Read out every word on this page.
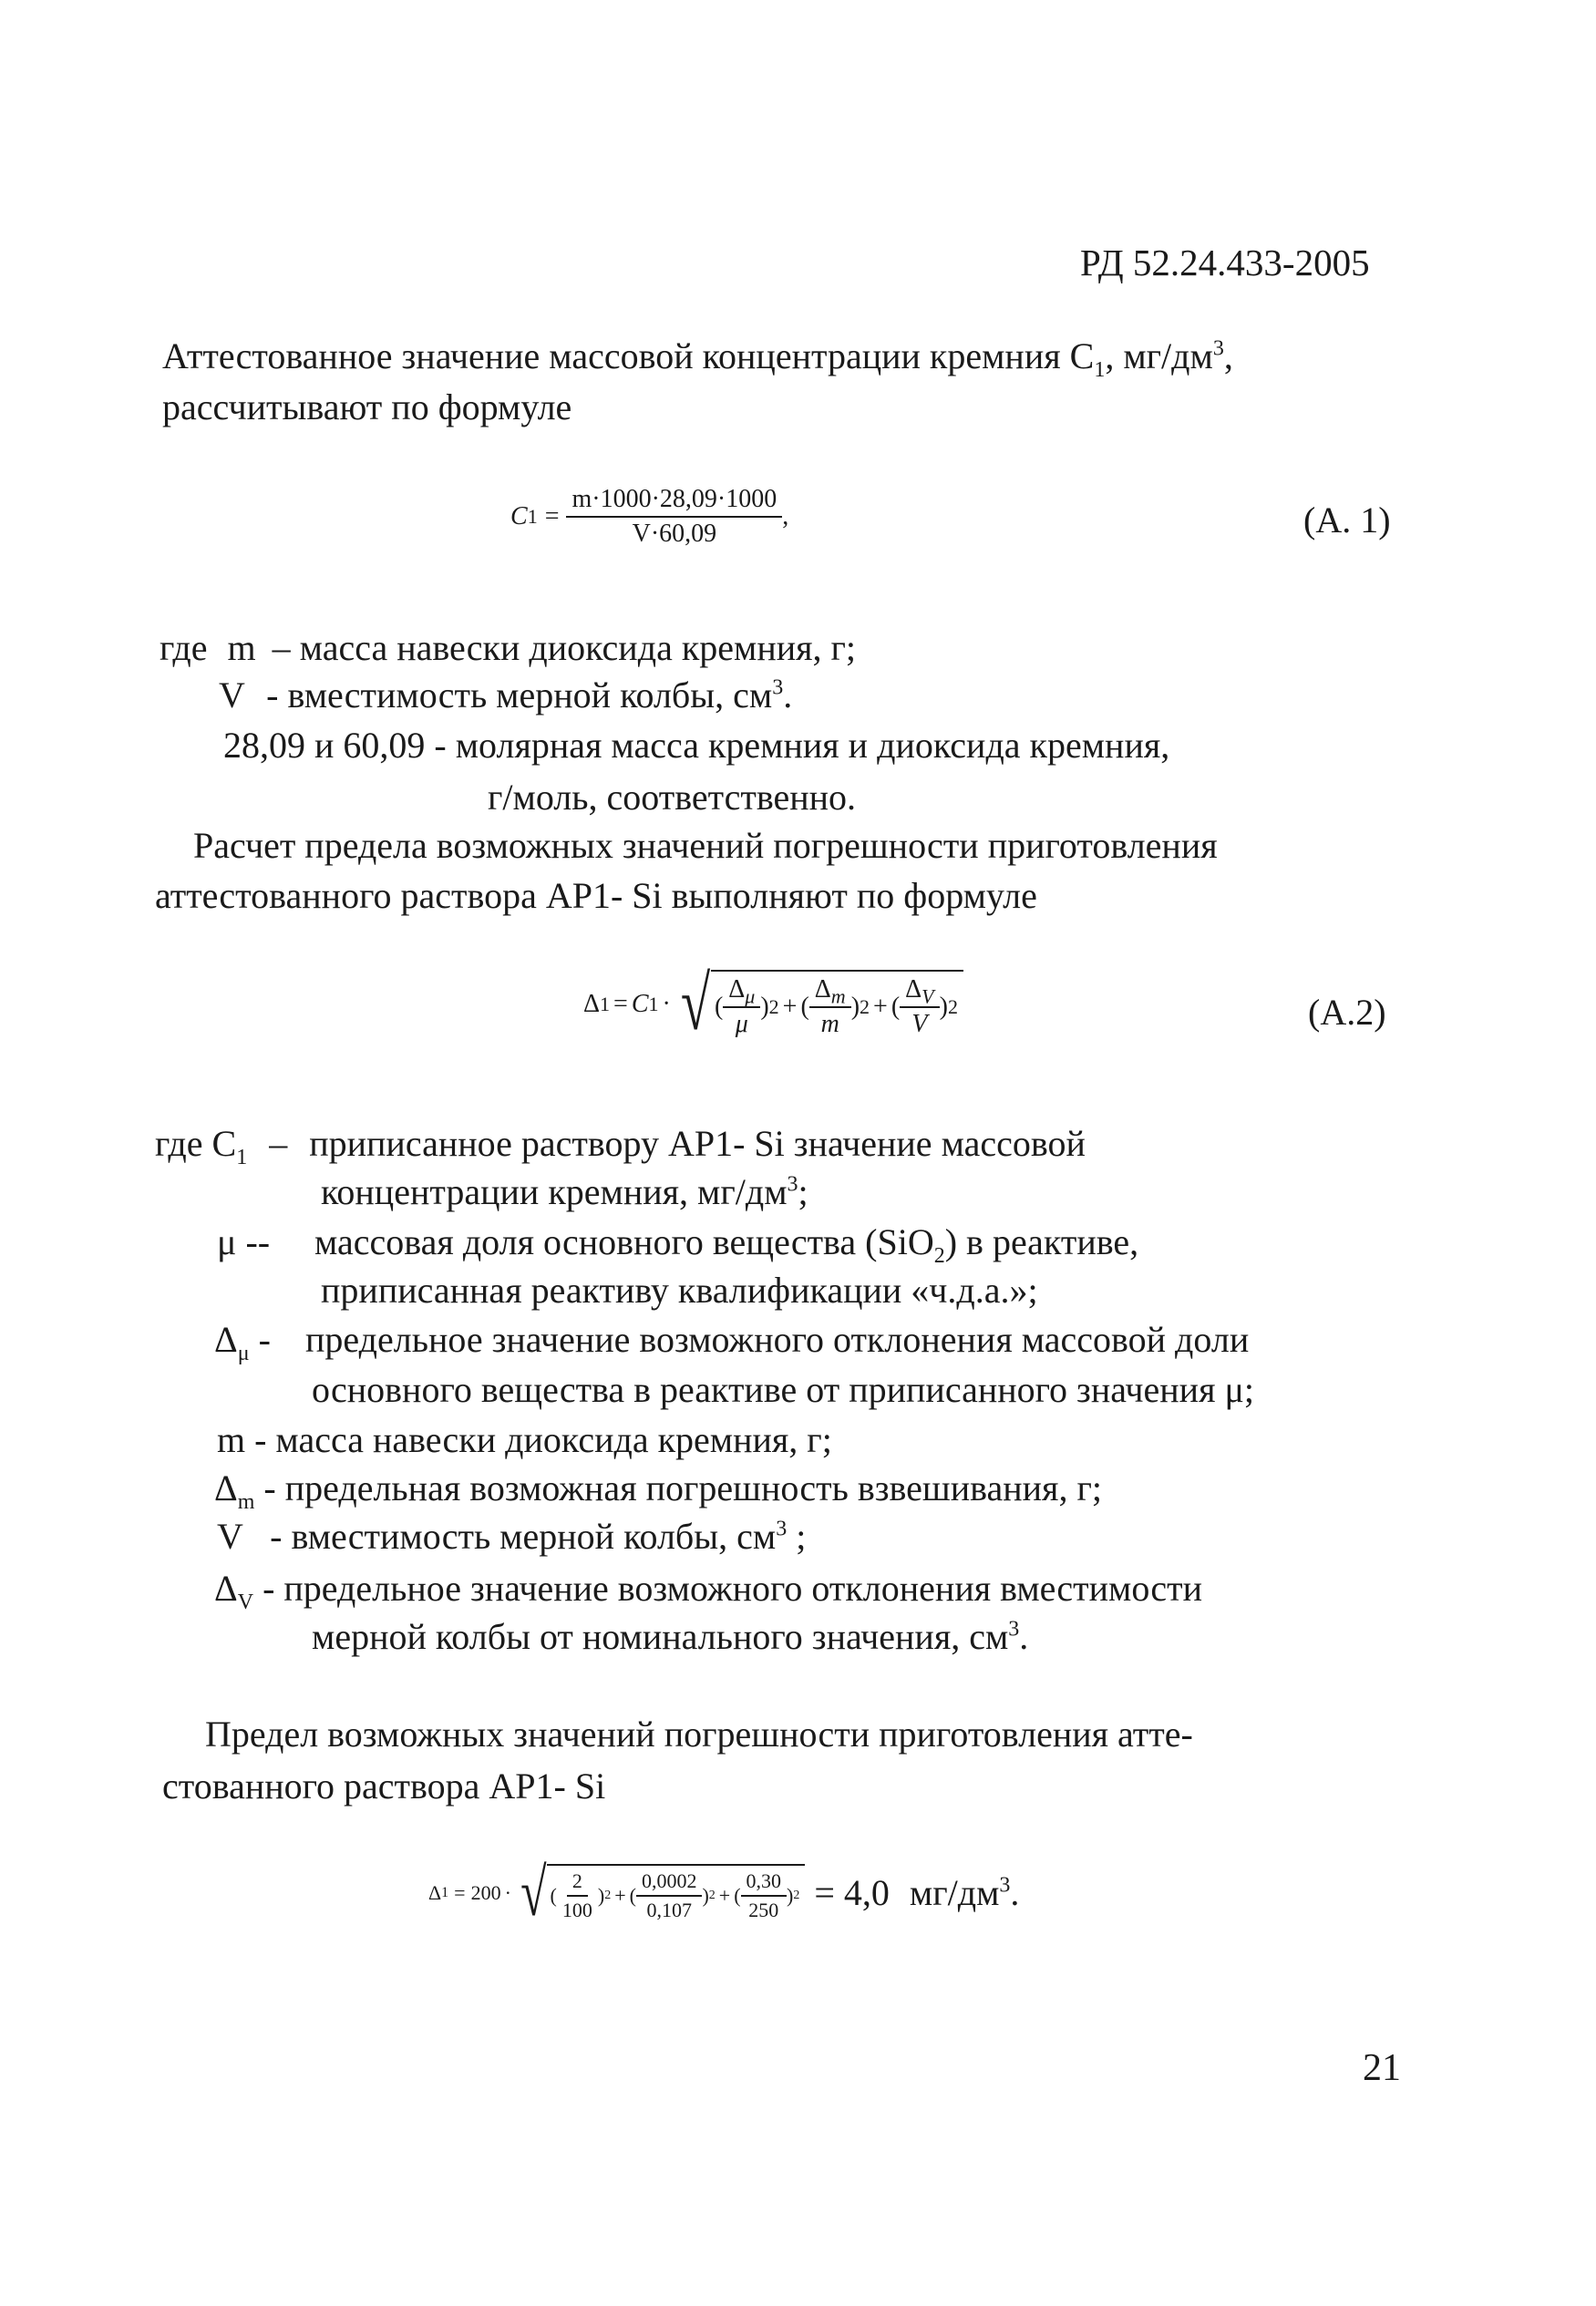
РД 52.24.433-2005
Аттестованное значение массовой концентрации кремния $С_1$, $мг/дм^3$,
рассчитывают по формуле
C $1 = \frac{m\cdot 1000\cdot 28,09\cdot 1000}{V\cdot 60,09}$ ,	(А. 1)
где m – масса навески диоксида кремния, г;
V - вместимость мерной колбы, $см^3$.
28,09 и 60,09 - молярная масса кремния и диоксида кремния,
г/моль, соответственно.
Расчет предела возможных значений погрешности приготовления
аттестованного раствора АР1- Si выполняют по формуле
Δ 1 = C 1 · √ ( $\frac{\Delta_\mu}{\mu}$ ) 2 + ( $\frac{\Delta_m}{m}$ ) 2 + ( $\frac{\Delta_V}{V}$ ) 2	(А.2)
где $С_1$ – приписанное раствору АР1- Si значение массовой
концентрации кремния, $мг/дм^3$;
μ -- массовая доля основного вещества (SiO$_2$) в реактиве,
приписанная реактиву квалификации «ч.д.а.»;
$\Delta_\mu$ - предельное значение возможного отклонения массовой доли
основного вещества в реактиве от приписанного значения μ;
m - масса навески диоксида кремния, г;
$\Delta_m$ - предельная возможная погрешность взвешивания, г;
V - вместимость мерной колбы, $см^3$ ;
$\Delta_V$ - предельное значение возможного отклонения вместимости
мерной колбы от номинального значения, $см^3$.
Предел возможных значений погрешности приготовления атте-
стованного раствора АР1- Si
Δ 1 = 200 · √ ( $\frac{2}{100}$ ) 2 + ( $\frac{0,0002}{0,107}$ ) 2 + ( $\frac{0,30}{250}$ ) 2 = 4,0 $мг/дм^3$.
21
